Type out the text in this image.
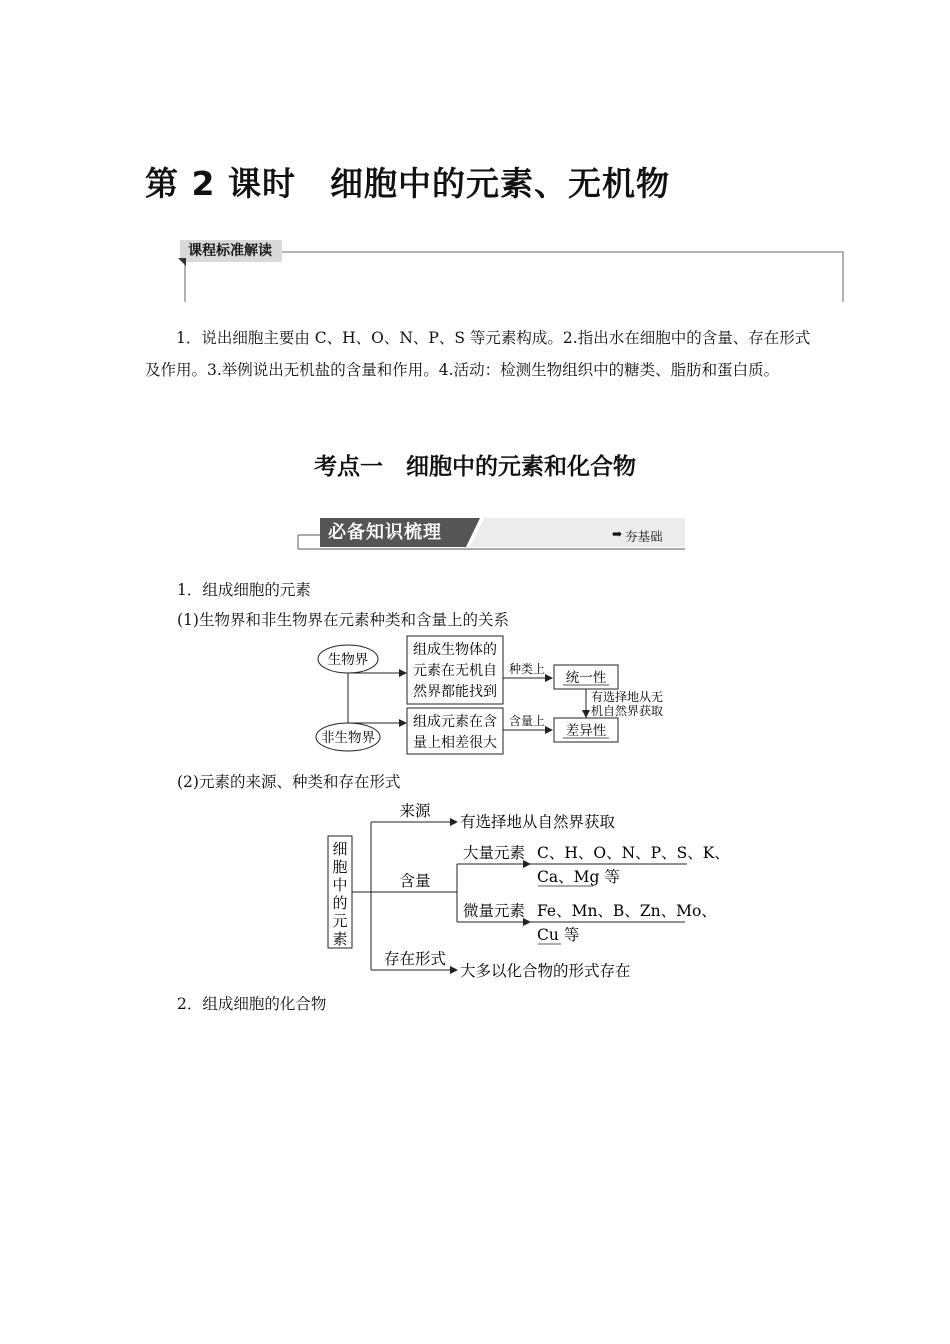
第 2 课时　细胞中的元素、无机物
课程标准解读
1．说出细胞主要由 C、H、O、N、P、S 等元素构成。2.指出水在细胞中的含量、存在形式及作用。3.举例说出无机盐的含量和作用。4.活动：检测生物组织中的糖类、脂肪和蛋白质。
考点一　细胞中的元素和化合物
必备知识梳理	➡ 夯基础
1．组成细胞的元素
(1)生物界和非生物界在元素种类和含量上的关系
生物界
非生物界
组成生物体的
元素在无机自
然界都能找到
组成元素在含
量上相差很大
种类上
含量上
统一性
差异性
有选择地从无
机自然界获取
(2)元素的来源、种类和存在形式
细
胞
中
的
元
素
来源
有选择地从自然界获取
含量
大量元素 C、H、O、N、P、S、K、
Ca、Mg 等
微量元素 Fe、Mn、B、Zn、Mo、
Cu 等
存在形式
大多以化合物的形式存在
2．组成细胞的化合物
